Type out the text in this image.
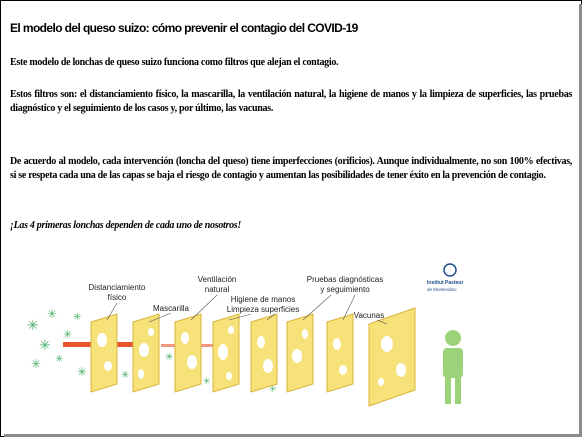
El modelo del queso suizo: cómo prevenir el contagio del COVID-19
Este modelo de lonchas de queso suizo funciona como filtros que alejan el contagio.
Estos filtros son: el distanciamiento físico, la mascarilla, la ventilación natural, la higiene de manos y la limpieza de superficies, las pruebas diagnóstico y el seguimiento de los casos y, por último, las vacunas.
De acuerdo al modelo, cada intervención (loncha del queso) tiene imperfecciones (orificios). Aunque individualmente, no son 100% efectivas, si se respeta cada una de las capas se baja el riesgo de contagio y aumentan las posibilidades de tener éxito en la prevención de contagio.
¡Las 4 primeras lonchas dependen de cada uno de nosotros!
✳
✳
✳
✳
✳ ✳
✳
✳	✳
✳
✳
✳
Distanciamiento
físico
Mascarilla
Ventilación
natural
Higiene de manos
Limpieza superficies
Pruebas diagnósticas
y seguimiento
Vacunas
Institut Pasteur
de Montevideo
